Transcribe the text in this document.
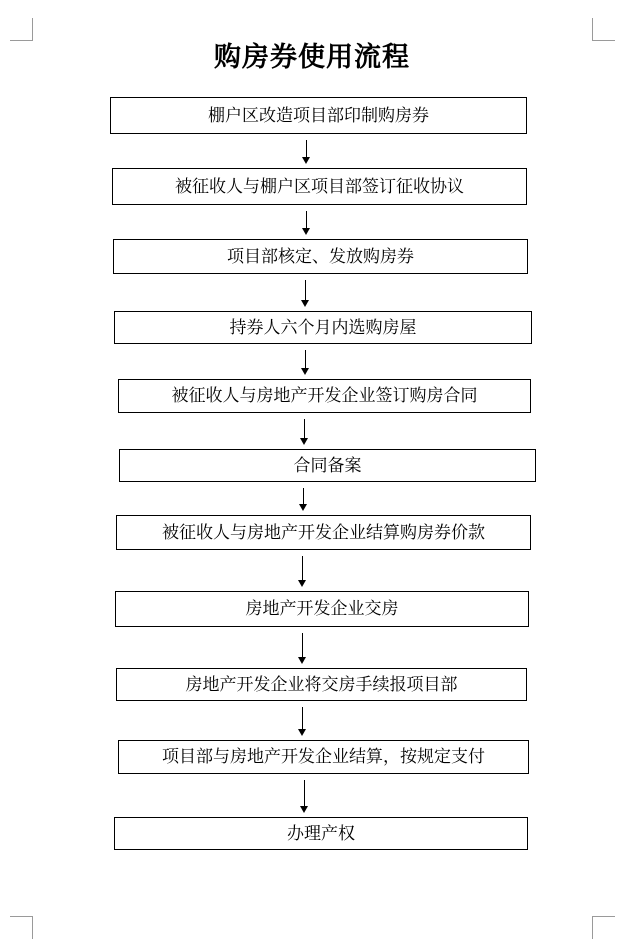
购房券使用流程
棚户区改造项目部印制购房券
被征收人与棚户区项目部签订征收协议
项目部核定、发放购房券
持券人六个月内选购房屋
被征收人与房地产开发企业签订购房合同
合同备案
被征收人与房地产开发企业结算购房券价款
房地产开发企业交房
房地产开发企业将交房手续报项目部
项目部与房地产开发企业结算，按规定支付
办理产权
